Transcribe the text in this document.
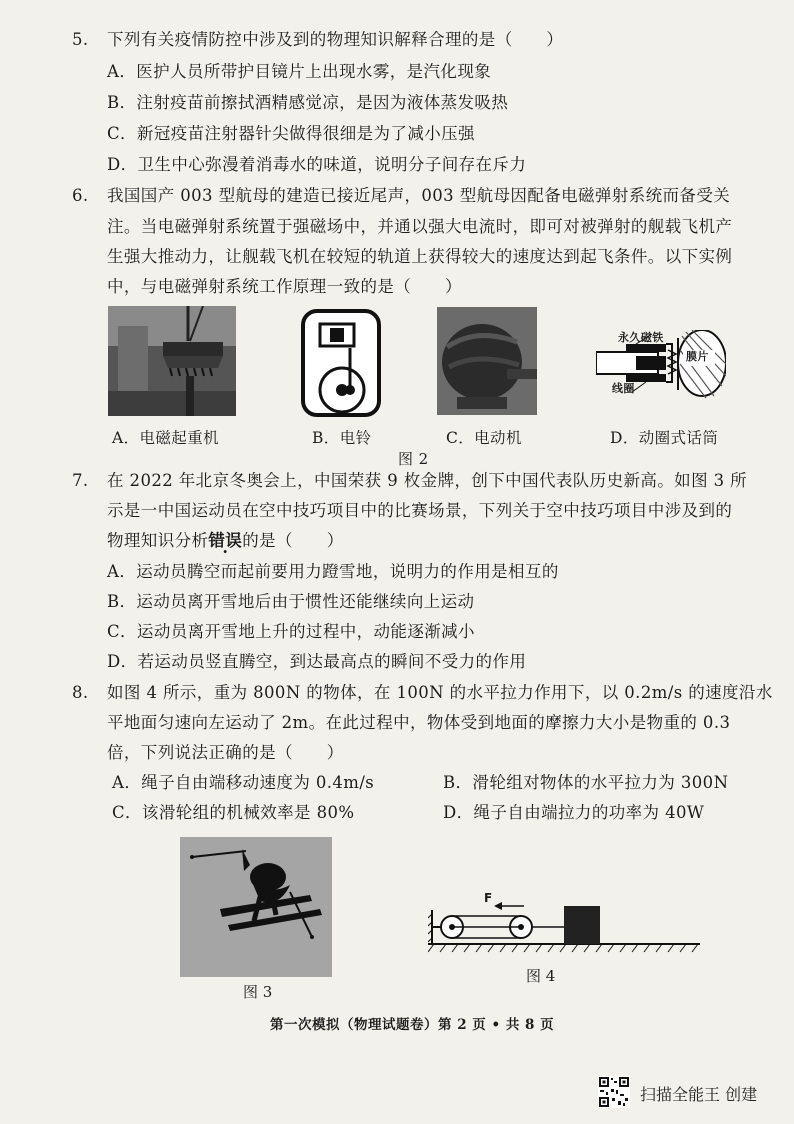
5. 下列有关疫情防控中涉及到的物理知识解释合理的是（　　）
A．医护人员所带护目镜片上出现水雾，是汽化现象
B．注射疫苗前擦拭酒精感觉凉，是因为液体蒸发吸热
C．新冠疫苗注射器针尖做得很细是为了减小压强
D．卫生中心弥漫着消毒水的味道，说明分子间存在斥力
6. 我国国产 003 型航母的建造已接近尾声，003 型航母因配备电磁弹射系统而备受关
注。当电磁弹射系统置于强磁场中，并通以强大电流时，即可对被弹射的舰载飞机产
生强大推动力，让舰载飞机在较短的轨道上获得较大的速度达到起飞条件。以下实例
中，与电磁弹射系统工作原理一致的是（　　）
永久磁铁
膜片
线圈
A．电磁起重机	B．电铃	C．电动机	D．动圈式话筒
图 2
7. 在 2022 年北京冬奥会上，中国荣获 9 枚金牌，创下中国代表队历史新高。如图 3 所
示是一中国运动员在空中技巧项目中的比赛场景，下列关于空中技巧项目中涉及到的
物理知识分析错误的是（　　）
A．运动员腾空而起前要用力蹬雪地，说明力的作用是相互的
B．运动员离开雪地后由于惯性还能继续向上运动
C．运动员离开雪地上升的过程中，动能逐渐减小
D．若运动员竖直腾空，到达最高点的瞬间不受力的作用
8. 如图 4 所示，重为 800N 的物体，在 100N 的水平拉力作用下，以 0.2m/s 的速度沿水
平地面匀速向左运动了 2m。在此过程中，物体受到地面的摩擦力大小是物重的 0.3
倍，下列说法正确的是（　　）
A．绳子自由端移动速度为 0.4m/s	B．滑轮组对物体的水平拉力为 300N
C．该滑轮组的机械效率是 80%	D．绳子自由端拉力的功率为 40W
图 3
F
图 4
第一次模拟（物理试题卷）第 2 页 • 共 8 页
扫描全能王 创建
